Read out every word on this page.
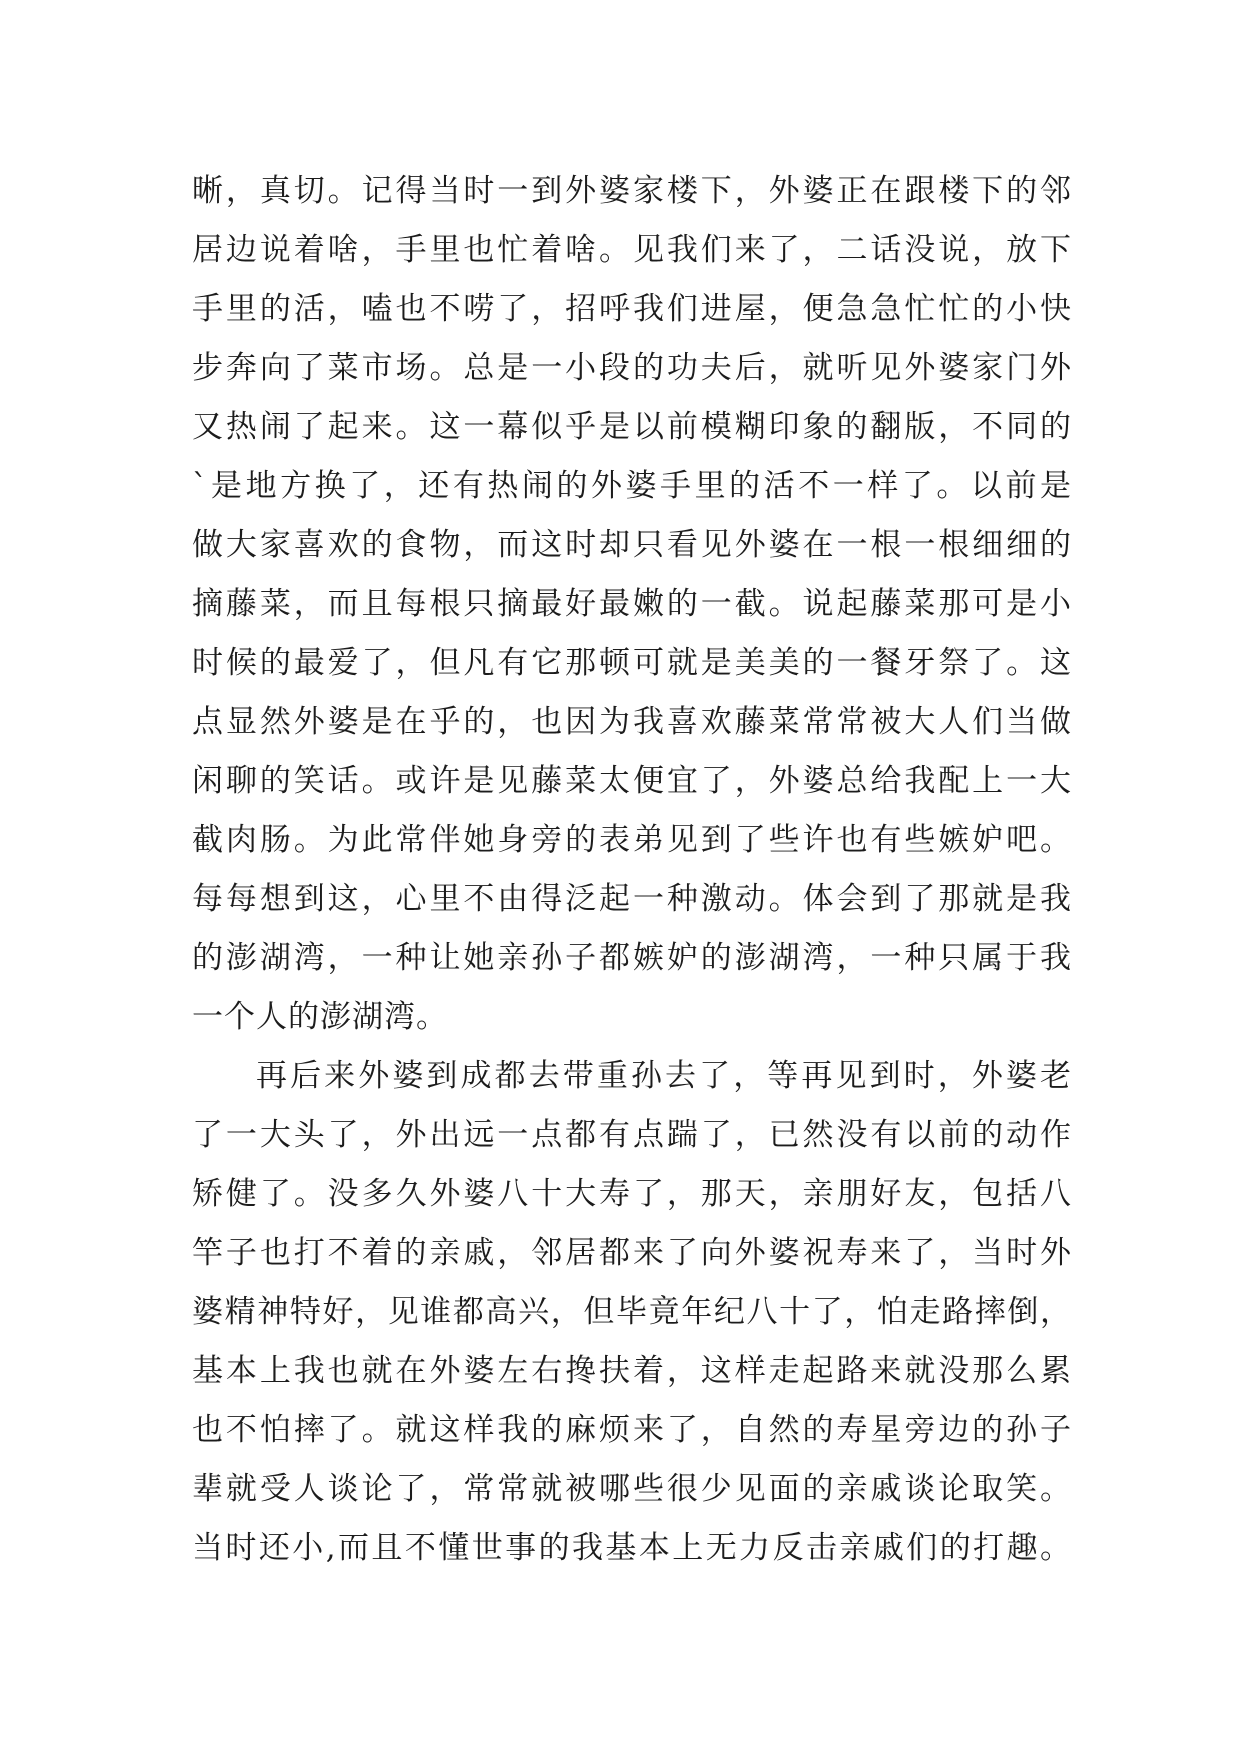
晰，真切。记得当时一到外婆家楼下，外婆正在跟楼下的邻
居边说着啥，手里也忙着啥。见我们来了，二话没说，放下
手里的活，嗑也不唠了，招呼我们进屋，便急急忙忙的小快
步奔向了菜市场。总是一小段的功夫后，就听见外婆家门外
又热闹了起来。这一幕似乎是以前模糊印象的翻版，不同的
`是地方换了，还有热闹的外婆手里的活不一样了。以前是
做大家喜欢的食物，而这时却只看见外婆在一根一根细细的
摘藤菜，而且每根只摘最好最嫩的一截。说起藤菜那可是小
时候的最爱了，但凡有它那顿可就是美美的一餐牙祭了。这
点显然外婆是在乎的，也因为我喜欢藤菜常常被大人们当做
闲聊的笑话。或许是见藤菜太便宜了，外婆总给我配上一大
截肉肠。为此常伴她身旁的表弟见到了些许也有些嫉妒吧。
每每想到这，心里不由得泛起一种激动。体会到了那就是我
的澎湖湾，一种让她亲孙子都嫉妒的澎湖湾，一种只属于我
一个人的澎湖湾。
再后来外婆到成都去带重孙去了，等再见到时，外婆老
了一大头了，外出远一点都有点踹了，已然没有以前的动作
矫健了。没多久外婆八十大寿了，那天，亲朋好友，包括八
竿子也打不着的亲戚，邻居都来了向外婆祝寿来了，当时外
婆精神特好，见谁都高兴，但毕竟年纪八十了，怕走路摔倒，
基本上我也就在外婆左右搀扶着，这样走起路来就没那么累
也不怕摔了。就这样我的麻烦来了，自然的寿星旁边的孙子
辈就受人谈论了，常常就被哪些很少见面的亲戚谈论取笑。
当时还小,而且不懂世事的我基本上无力反击亲戚们的打趣。
